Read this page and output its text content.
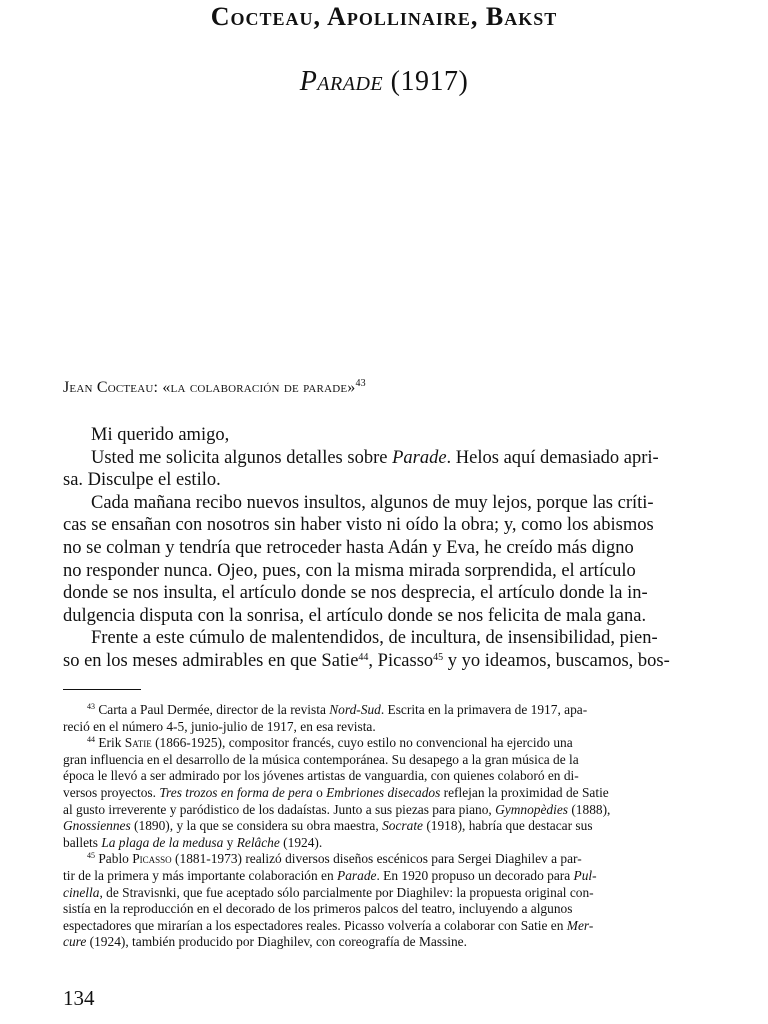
Cocteau, Apollinaire, Bakst
Parade (1917)
Jean Cocteau: «la colaboración de parade»$^{43}$
Mi querido amigo,
Usted me solicita algunos detalles sobre Parade. Helos aquí demasiado apri-
sa. Disculpe el estilo.
Cada mañana recibo nuevos insultos, algunos de muy lejos, porque las críti-
cas se ensañan con nosotros sin haber visto ni oído la obra; y, como los abismos
no se colman y tendría que retroceder hasta Adán y Eva, he creído más digno
no responder nunca. Ojeo, pues, con la misma mirada sorprendida, el artículo
donde se nos insulta, el artículo donde se nos desprecia, el artículo donde la in-
dulgencia disputa con la sonrisa, el artículo donde se nos felicita de mala gana.
Frente a este cúmulo de malentendidos, de incultura, de insensibilidad, pien-
so en los meses admirables en que Satie$^{44}$, Picasso$^{45}$ y yo ideamos, buscamos, bos-
$^{43}$ Carta a Paul Dermée, director de la revista Nord-Sud. Escrita en la primavera de 1917, apa-
reció en el número 4-5, junio-julio de 1917, en esa revista.
$^{44}$ Erik Satie (1866-1925), compositor francés, cuyo estilo no convencional ha ejercido una
gran influencia en el desarrollo de la música contemporánea. Su desapego a la gran música de la
época le llevó a ser admirado por los jóvenes artistas de vanguardia, con quienes colaboró en di-
versos proyectos. Tres trozos en forma de pera o Embriones disecados reflejan la proximidad de Satie
al gusto irreverente y paródistico de los dadaístas. Junto a sus piezas para piano, Gymnopèdies (1888),
Gnossiennes (1890), y la que se considera su obra maestra, Socrate (1918), habría que destacar sus
ballets La plaga de la medusa y Relâche (1924).
$^{45}$ Pablo Picasso (1881-1973) realizó diversos diseños escénicos para Sergei Diaghilev a par-
tir de la primera y más importante colaboración en Parade. En 1920 propuso un decorado para Pul-
cinella, de Stravisnki, que fue aceptado sólo parcialmente por Diaghilev: la propuesta original con-
sistía en la reproducción en el decorado de los primeros palcos del teatro, incluyendo a algunos
espectadores que mirarían a los espectadores reales. Picasso volvería a colaborar con Satie en Mer-
cure (1924), también producido por Diaghilev, con coreografía de Massine.
134
